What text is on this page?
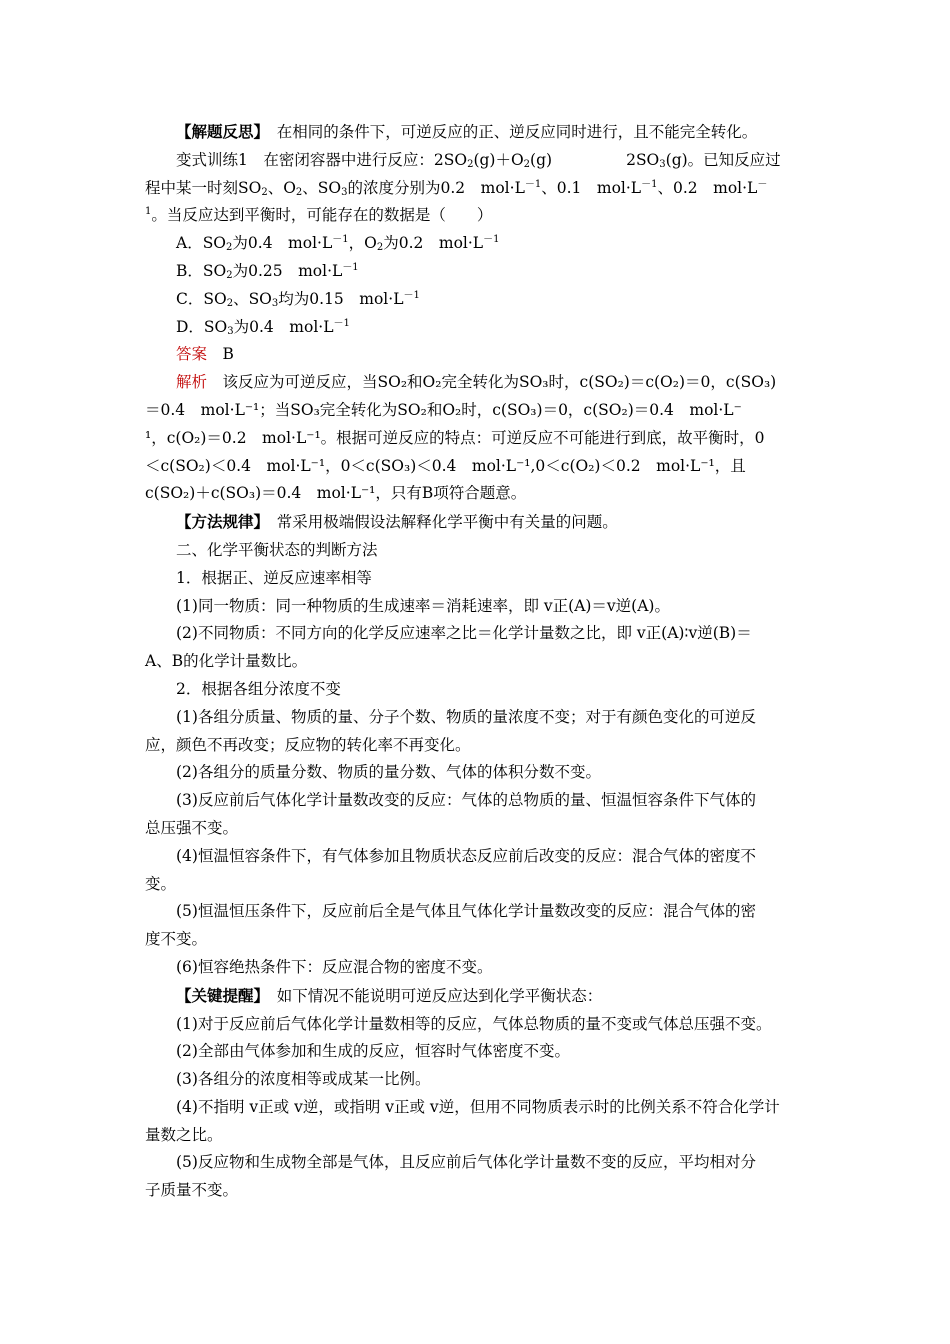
【解题反思】　在相同的条件下，可逆反应的正、逆反应同时进行，且不能完全转化。
变式训练1　在密闭容器中进行反应：$2SO_2(g)+O_2(g)$	$2SO_3(g)$。已知反应过
程中某一时刻$SO_2$、$O_2$、$SO_3$的浓度分别为0.2　$mol\cdot L^{-1}$、0.1　$mol\cdot L^{-1}$、0.2　mol·L－
$^1$。当反应达到平衡时，可能存在的数据是（　　）
A．$SO_2$为0.4　$mol\cdot L^{-1}$，$O_2$为0.2　$mol\cdot L^{-1}$
B．$SO_2$为0.25　$mol\cdot L^{-1}$
C．$SO_2$、$SO_3$均为0.15　$mol\cdot L^{-1}$
D．$SO_3$为0.4　$mol\cdot L^{-1}$
答案　B
解析　该反应为可逆反应，当SO₂和O₂完全转化为SO₃时，c(SO₂)＝c(O₂)＝0，c(SO₃)
＝0.4　mol·L⁻¹；当SO₃完全转化为SO₂和O₂时，c(SO₃)＝0，c(SO₂)＝0.4　mol·L⁻
¹，c(O₂)＝0.2　mol·L⁻¹。根据可逆反应的特点：可逆反应不可能进行到底，故平衡时，0
＜c(SO₂)＜0.4　mol·L⁻¹，0＜c(SO₃)＜0.4　mol·L⁻¹,0＜c(O₂)＜0.2　mol·L⁻¹，且
c(SO₂)＋c(SO₃)＝0.4　mol·L⁻¹，只有B项符合题意。
【方法规律】　常采用极端假设法解释化学平衡中有关量的问题。
二、化学平衡状态的判断方法
1．根据正、逆反应速率相等
(1)同一物质：同一种物质的生成速率＝消耗速率，即 v正(A)＝v逆(A)。
(2)不同物质：不同方向的化学反应速率之比＝化学计量数之比，即 v正(A)∶v逆(B)＝
A、B的化学计量数比。
2．根据各组分浓度不变
(1)各组分质量、物质的量、分子个数、物质的量浓度不变；对于有颜色变化的可逆反
应，颜色不再改变；反应物的转化率不再变化。
(2)各组分的质量分数、物质的量分数、气体的体积分数不变。
(3)反应前后气体化学计量数改变的反应：气体的总物质的量、恒温恒容条件下气体的
总压强不变。
(4)恒温恒容条件下，有气体参加且物质状态反应前后改变的反应：混合气体的密度不
变。
(5)恒温恒压条件下，反应前后全是气体且气体化学计量数改变的反应：混合气体的密
度不变。
(6)恒容绝热条件下：反应混合物的密度不变。
【关键提醒】　如下情况不能说明可逆反应达到化学平衡状态：
(1)对于反应前后气体化学计量数相等的反应，气体总物质的量不变或气体总压强不变。
(2)全部由气体参加和生成的反应，恒容时气体密度不变。
(3)各组分的浓度相等或成某一比例。
(4)不指明 v正或 v逆，或指明 v正或 v逆，但用不同物质表示时的比例关系不符合化学计
量数之比。
(5)反应物和生成物全部是气体，且反应前后气体化学计量数不变的反应，平均相对分
子质量不变。
